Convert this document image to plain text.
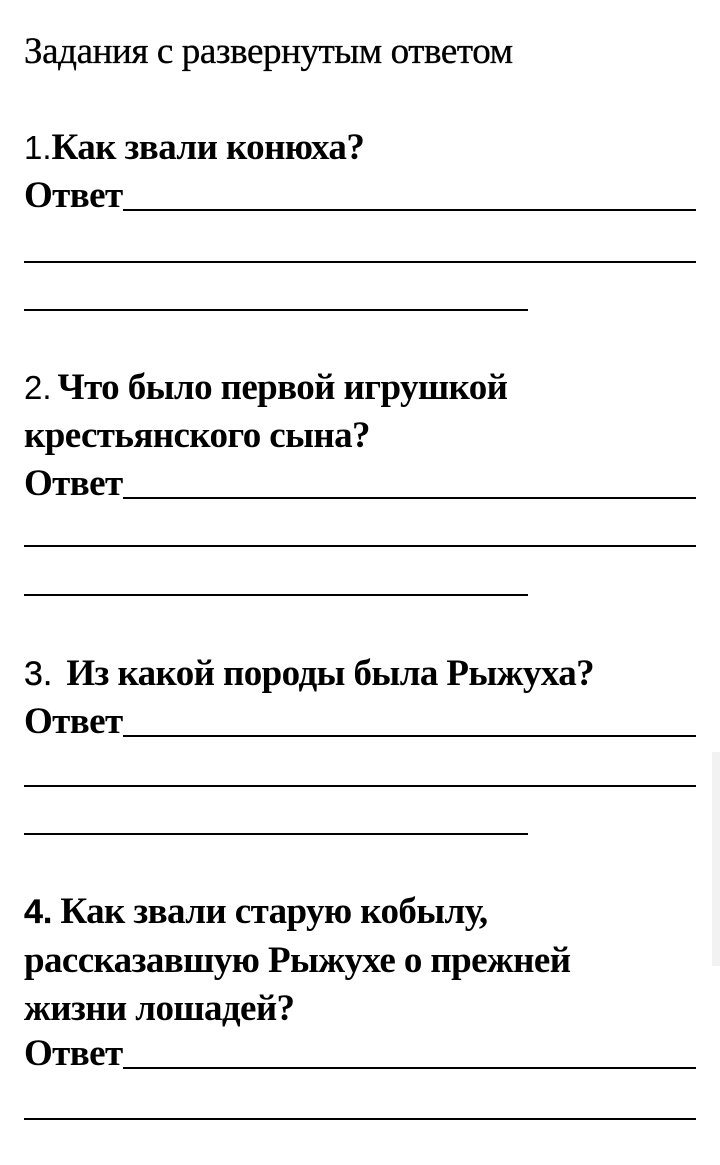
Задания с развернутым ответом
1.Как звали конюха?
Ответ
2. Что было первой игрушкой
крестьянского сына?
Ответ
3. Из какой породы была Рыжуха?
Ответ
4. Как звали старую кобылу,
рассказавшую Рыжухе о прежней
жизни лошадей?
Ответ
